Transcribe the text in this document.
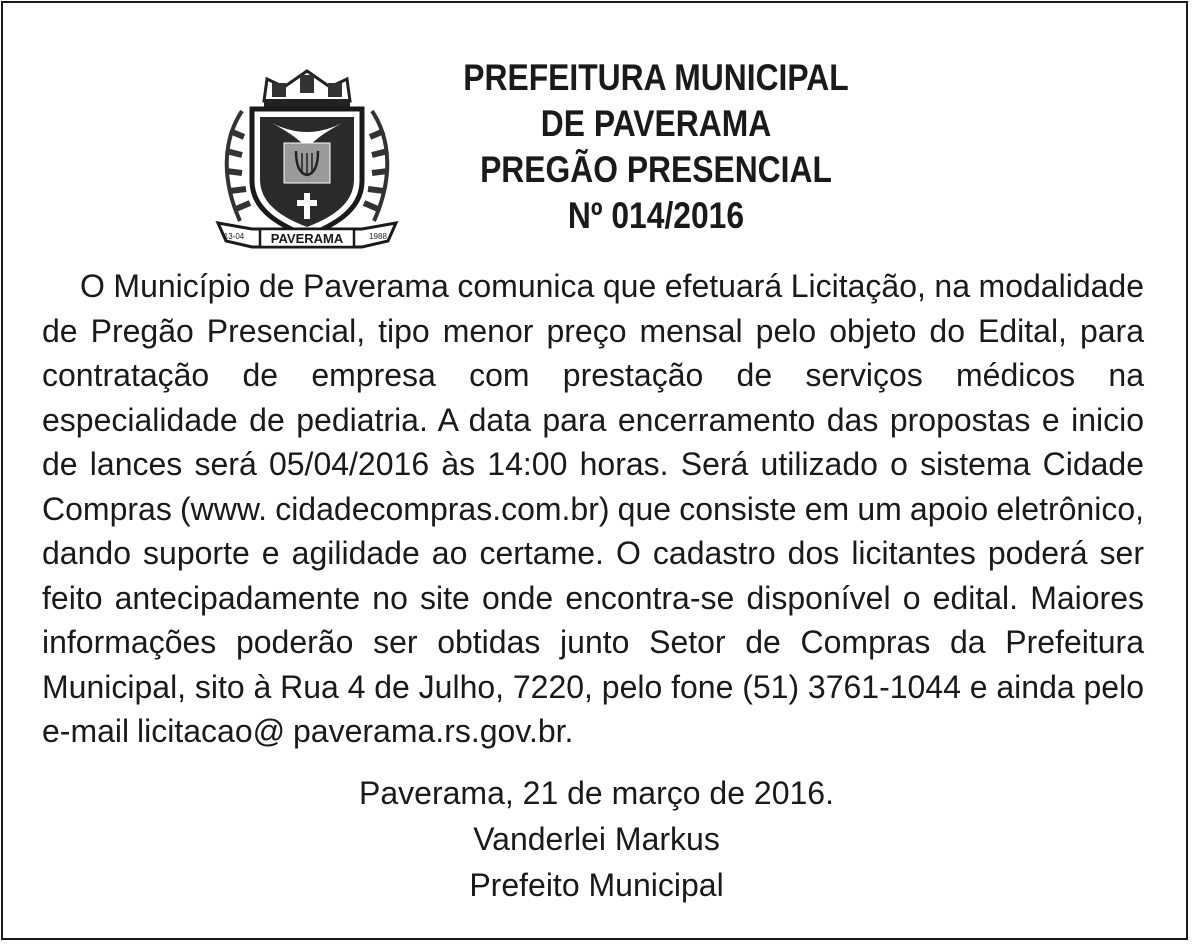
PAVERAMA
13-04	1988
PREFEITURA MUNICIPAL
DE PAVERAMA
PREGÃO PRESENCIAL
Nº 014/2016

O Município de Paverama comunica que efetuará Licitação, na modalidade de Pregão Presencial, tipo menor preço mensal pelo objeto do Edital, para contratação de empresa com prestação de serviços médicos na especialidade de pediatria. A data para encerramento das propostas e inicio de lances será 05/04/2016 às 14:00 horas. Será utilizado o sistema Cidade Compras (www. cidadecompras.com.br) que consiste em um apoio eletrônico, dando suporte e agilidade ao certame. O cadastro dos licitantes poderá ser feito antecipadamente no site onde encontra-se disponível o edital. Maiores informações poderão ser obtidas junto Setor de Compras da Prefeitura Municipal, sito à Rua 4 de Julho, 7220, pelo fone (51) 3761-1044 e ainda pelo e-mail licitacao@ paverama.rs.gov.br.

Paverama, 21 de março de 2016.
Vanderlei Markus
Prefeito Municipal
